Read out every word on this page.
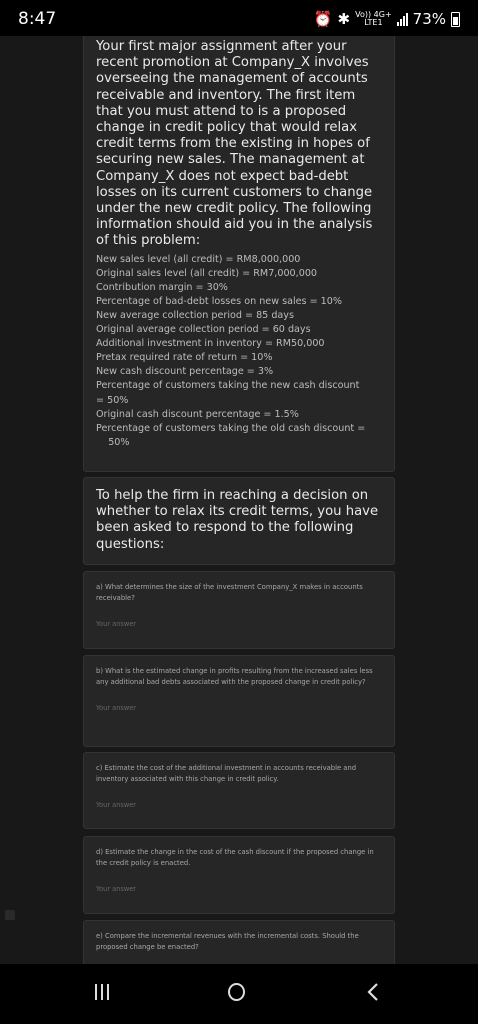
8:47	⏰ ✱ Vo)) 4G+
LTE1	73%

Your first major assignment after your recent promotion at Company_X involves overseeing the management of accounts receivable and inventory. The first item that you must attend to is a proposed change in credit policy that would relax credit terms from the existing in hopes of securing new sales. The management at Company_X does not expect bad-debt losses on its current customers to change under the new credit policy. The following information should aid you in the analysis of this problem:

New sales level (all credit) = RM8,000,000
Original sales level (all credit) = RM7,000,000
Contribution margin = 30%
Percentage of bad-debt losses on new sales = 10%
New average collection period = 85 days
Original average collection period = 60 days
Additional investment in inventory = RM50,000
Pretax required rate of return = 10%
New cash discount percentage = 3%
Percentage of customers taking the new cash discount
= 50%
Original cash discount percentage = 1.5%
Percentage of customers taking the old cash discount =
50%
To help the firm in reaching a decision on whether to relax its credit terms, you have been asked to respond to the following questions:
a) What determines the size of the investment Company_X makes in accounts receivable?
Your answer
b) What is the estimated change in profits resulting from the increased sales less any additional bad debts associated with the proposed change in credit policy?
Your answer
c) Estimate the cost of the additional investment in accounts receivable and inventory associated with this change in credit policy.
Your answer
d) Estimate the change in the cost of the cash discount if the proposed change in the credit policy is enacted.
Your answer
e) Compare the incremental revenues with the incremental costs. Should the proposed change be enacted?
